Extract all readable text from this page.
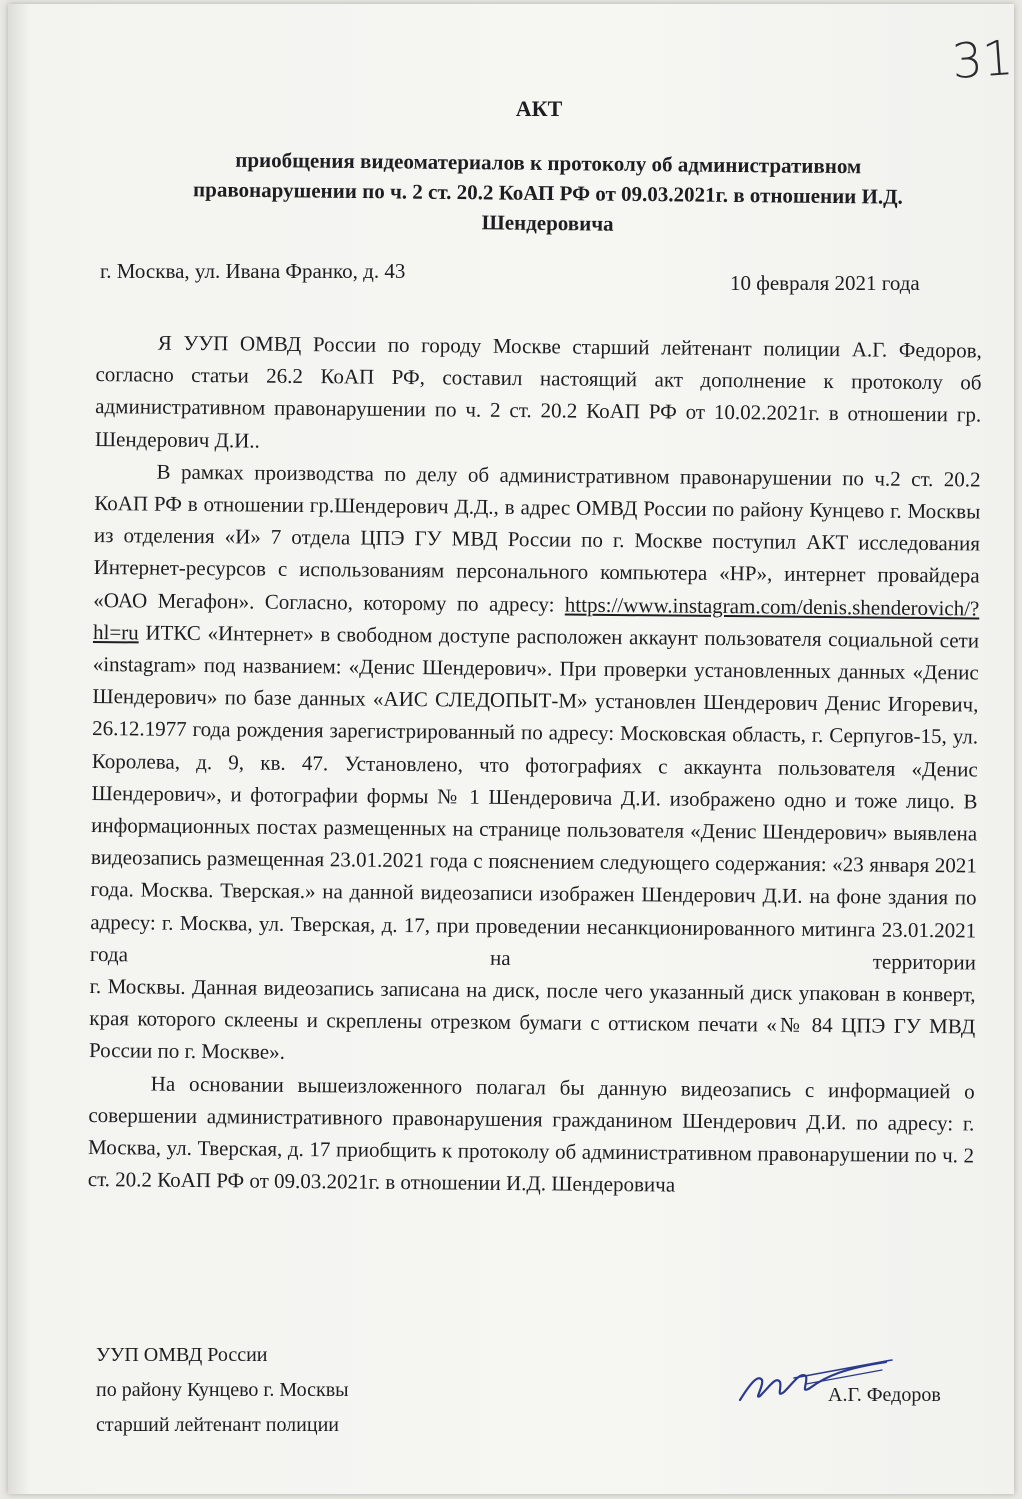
31
АКТ
приобщения видеоматериалов к протоколу об административном
правонарушении по ч. 2 ст. 20.2 КоАП РФ от 09.03.2021г. в отношении И.Д.
Шендеровича
г. Москва, ул. Ивана Франко, д. 43	10 февраля 2021 года

Я УУП ОМВД России по городу Москве старший лейтенант полиции А.Г. Федоров, согласно статьи 26.2 КоАП РФ, составил настоящий акт дополнение к протоколу об административном правонарушении по ч. 2 ст. 20.2 КоАП РФ от 10.02.2021г. в отношении гр. Шендерович Д.И..

В рамках производства по делу об административном правонарушении по ч.2 ст. 20.2 КоАП РФ в отношении гр.Шендерович Д.Д., в адрес ОМВД России по району Кунцево г. Москвы из отделения «И» 7 отдела ЦПЭ ГУ МВД России по г. Москве поступил АКТ исследования Интернет-ресурсов с использованиям персонального компьютера «HP», интернет провайдера «ОАО Мегафон». Согласно, которому по адресу: https://www.instagram.com/denis.shenderovich/?hl=ru ИТКС «Интернет» в свободном доступе расположен аккаунт пользователя социальной сети «instagram» под названием: «Денис Шендерович». При проверки установленных данных «Денис Шендерович» по базе данных «АИС СЛЕДОПЫТ-М» установлен Шендерович Денис Игоревич, 26.12.1977 года рождения зарегистрированный по адресу: Московская область, г. Серпугов-15, ул. Королева, д. 9, кв. 47. Установлено, что фотографиях с аккаунта пользователя «Денис Шендерович», и фотографии формы № 1 Шендеровича Д.И. изображено одно и тоже лицо. В информационных постах размещенных на странице пользователя «Денис Шендерович» выявлена видеозапись размещенная 23.01.2021 года с пояснением следующего содержания: «23 января 2021 года. Москва. Тверская.» на данной видеозаписи изображен Шендерович Д.И. на фоне здания по адресу: г. Москва, ул. Тверская, д. 17, при проведении несанкционированного митинга 23.01.2021 года на территории

г. Москвы. Данная видеозапись записана на диск, после чего указанный диск упакован в конверт, края которого склеены и скреплены отрезком бумаги с оттиском печати «№ 84 ЦПЭ ГУ МВД России по г. Москве».

На основании вышеизложенного полагал бы данную видеозапись с информацией о совершении административного правонарушения гражданином Шендерович Д.И. по адресу: г. Москва, ул. Тверская, д. 17 приобщить к протоколу об административном правонарушении по ч. 2 ст. 20.2 КоАП РФ от 09.03.2021г. в отношении И.Д. Шендеровича

УУП ОМВД России
по району Кунцево г. Москвы
старший лейтенант полиции
А.Г. Федоров
